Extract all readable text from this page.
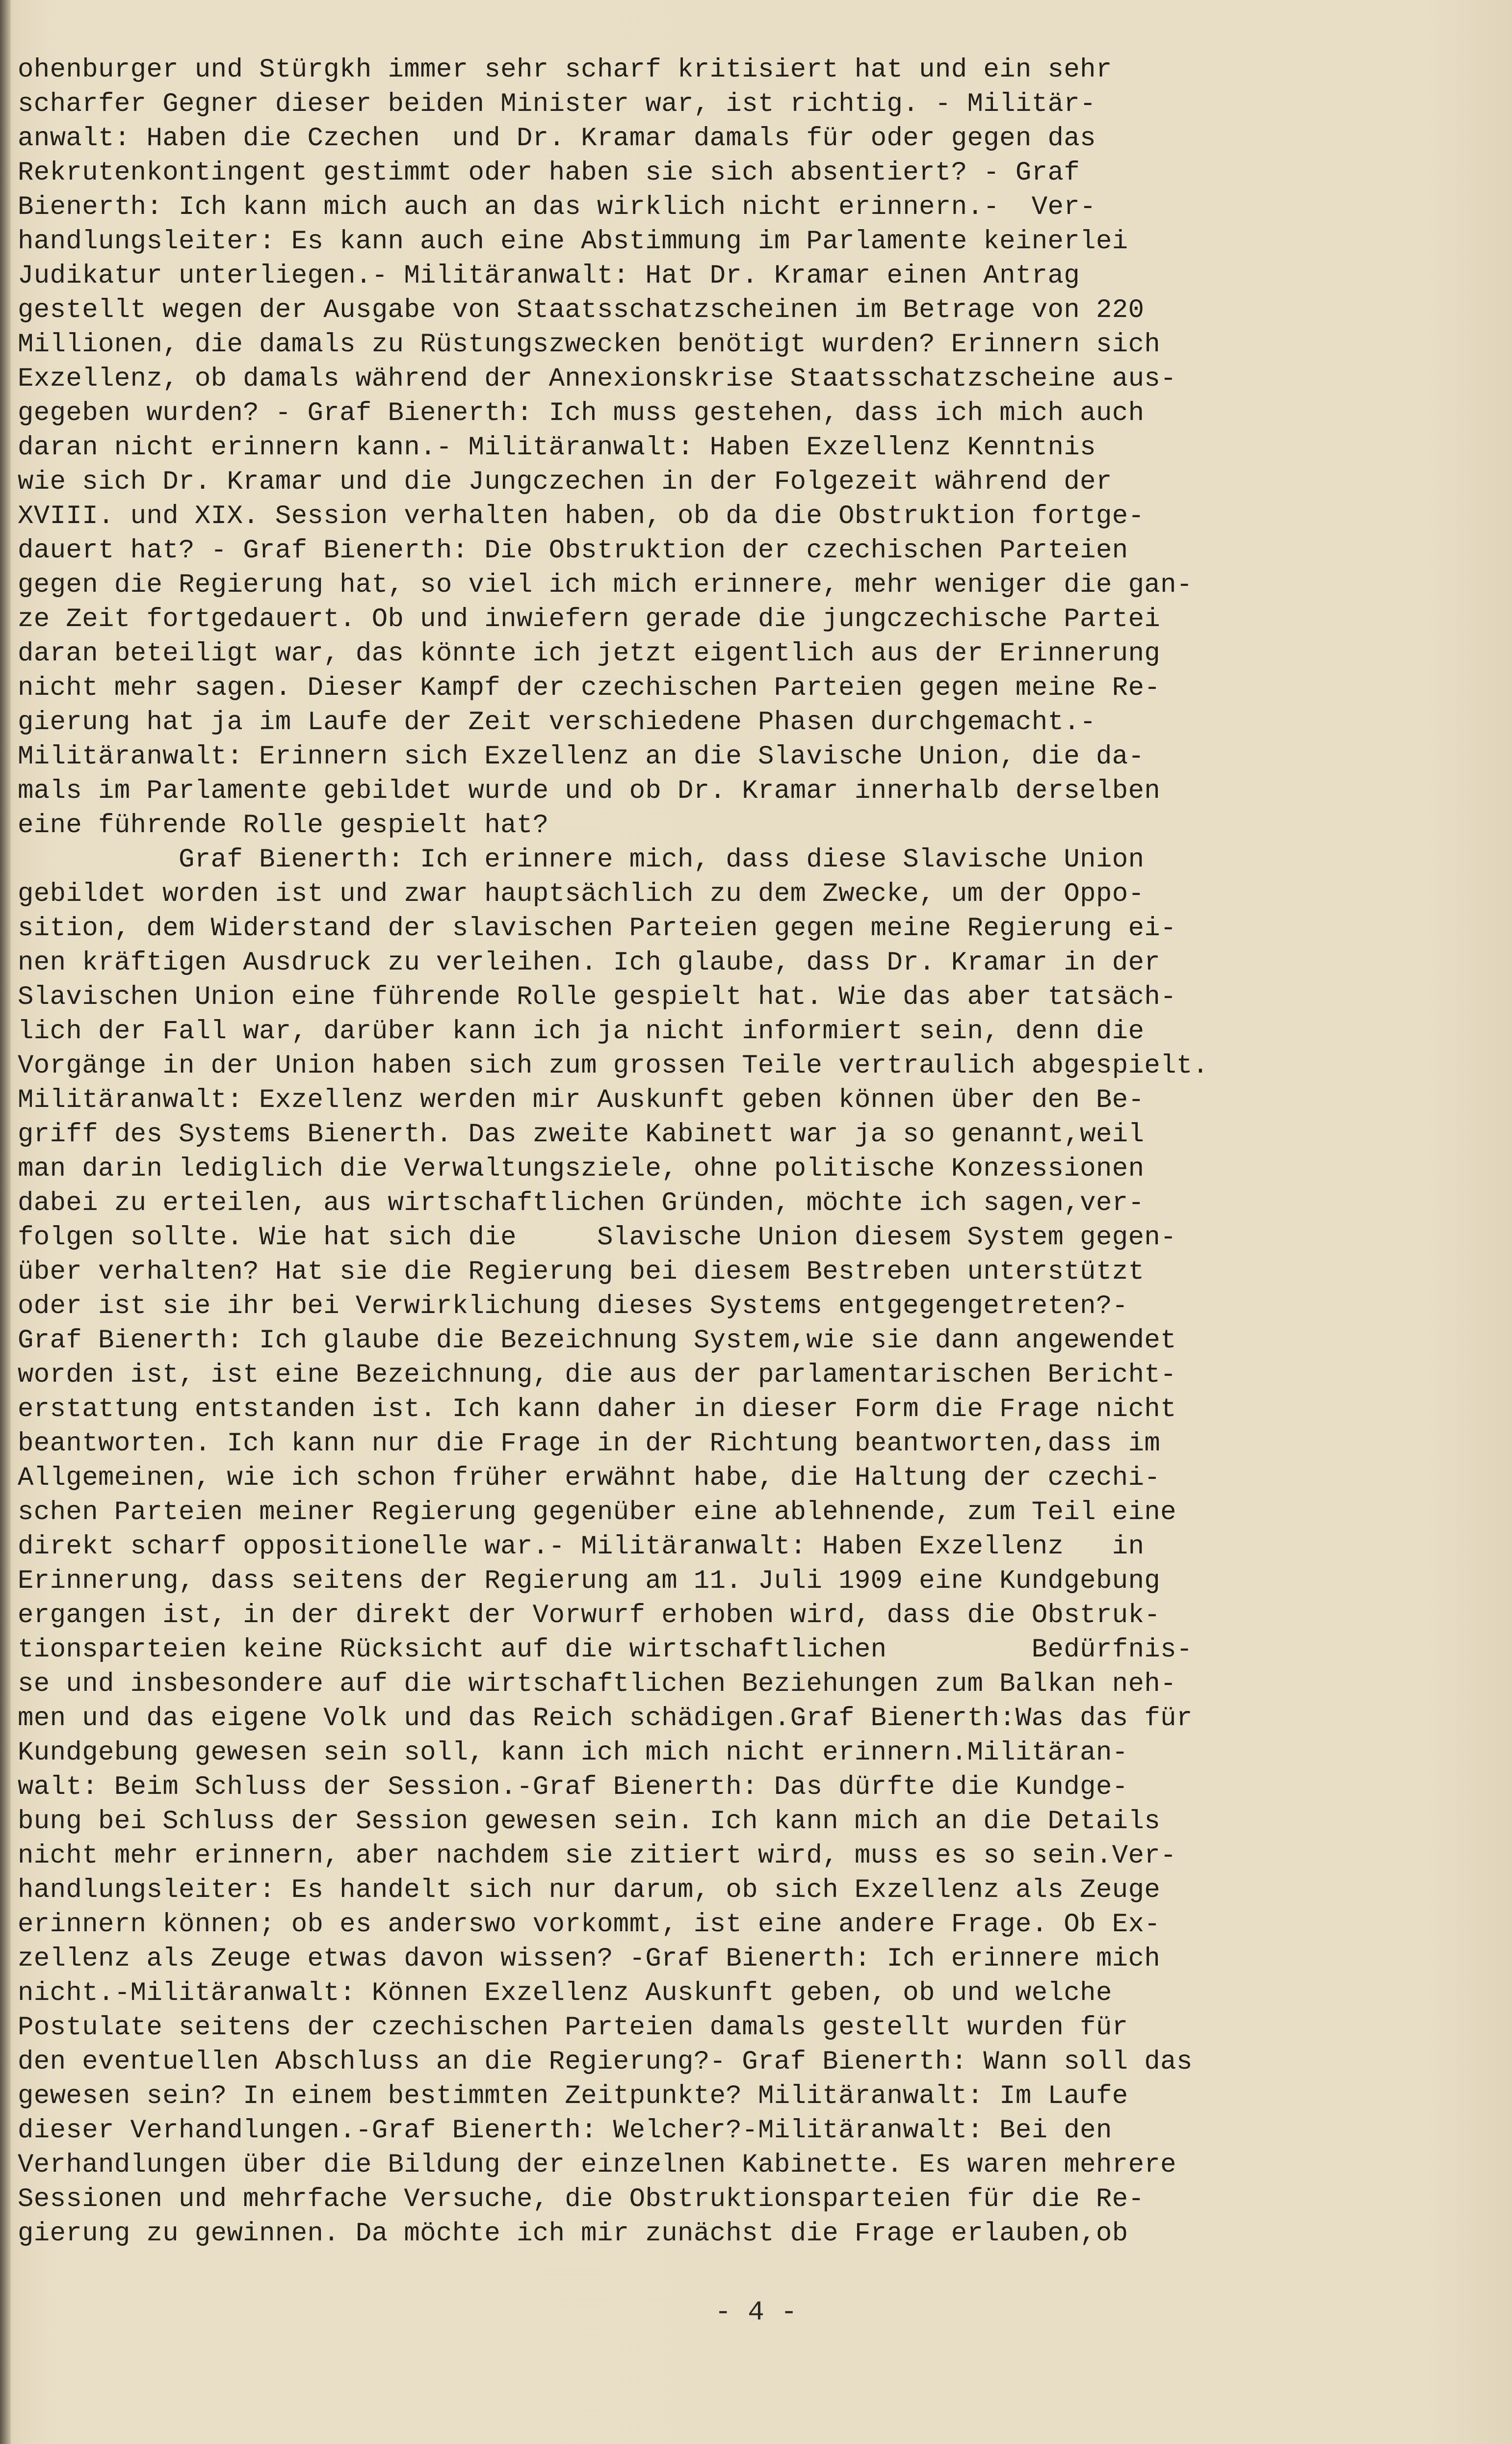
ohenburger und Stürgkh immer sehr scharf kritisiert hat und ein sehr
scharfer Gegner dieser beiden Minister war, ist richtig. - Militär-
anwalt: Haben die Czechen  und Dr. Kramar damals für oder gegen das
Rekrutenkontingent gestimmt oder haben sie sich absentiert? - Graf
Bienerth: Ich kann mich auch an das wirklich nicht erinnern.-  Ver-
handlungsleiter: Es kann auch eine Abstimmung im Parlamente keinerlei
Judikatur unterliegen.- Militäranwalt: Hat Dr. Kramar einen Antrag
gestellt wegen der Ausgabe von Staatsschatzscheinen im Betrage von 220
Millionen, die damals zu Rüstungszwecken benötigt wurden? Erinnern sich
Exzellenz, ob damals während der Annexionskrise Staatsschatzscheine aus-
gegeben wurden? - Graf Bienerth: Ich muss gestehen, dass ich mich auch
daran nicht erinnern kann.- Militäranwalt: Haben Exzellenz Kenntnis
wie sich Dr. Kramar und die Jungczechen in der Folgezeit während der
XVIII. und XIX. Session verhalten haben, ob da die Obstruktion fortge-
dauert hat? - Graf Bienerth: Die Obstruktion der czechischen Parteien
gegen die Regierung hat, so viel ich mich erinnere, mehr weniger die gan-
ze Zeit fortgedauert. Ob und inwiefern gerade die jungczechische Partei
daran beteiligt war, das könnte ich jetzt eigentlich aus der Erinnerung
nicht mehr sagen. Dieser Kampf der czechischen Parteien gegen meine Re-
gierung hat ja im Laufe der Zeit verschiedene Phasen durchgemacht.-
Militäranwalt: Erinnern sich Exzellenz an die Slavische Union, die da-
mals im Parlamente gebildet wurde und ob Dr. Kramar innerhalb derselben
eine führende Rolle gespielt hat?
Graf Bienerth: Ich erinnere mich, dass diese Slavische Union
gebildet worden ist und zwar hauptsächlich zu dem Zwecke, um der Oppo-
sition, dem Widerstand der slavischen Parteien gegen meine Regierung ei-
nen kräftigen Ausdruck zu verleihen. Ich glaube, dass Dr. Kramar in der
Slavischen Union eine führende Rolle gespielt hat. Wie das aber tatsäch-
lich der Fall war, darüber kann ich ja nicht informiert sein, denn die
Vorgänge in der Union haben sich zum grossen Teile vertraulich abgespielt.
Militäranwalt: Exzellenz werden mir Auskunft geben können über den Be-
griff des Systems Bienerth. Das zweite Kabinett war ja so genannt,weil
man darin lediglich die Verwaltungsziele, ohne politische Konzessionen
dabei zu erteilen, aus wirtschaftlichen Gründen, möchte ich sagen,ver-
folgen sollte. Wie hat sich die     Slavische Union diesem System gegen-
über verhalten? Hat sie die Regierung bei diesem Bestreben unterstützt
oder ist sie ihr bei Verwirklichung dieses Systems entgegengetreten?-
Graf Bienerth: Ich glaube die Bezeichnung System,wie sie dann angewendet
worden ist, ist eine Bezeichnung, die aus der parlamentarischen Bericht-
erstattung entstanden ist. Ich kann daher in dieser Form die Frage nicht
beantworten. Ich kann nur die Frage in der Richtung beantworten,dass im
Allgemeinen, wie ich schon früher erwähnt habe, die Haltung der czechi-
schen Parteien meiner Regierung gegenüber eine ablehnende, zum Teil eine
direkt scharf oppositionelle war.- Militäranwalt: Haben Exzellenz   in
Erinnerung, dass seitens der Regierung am 11. Juli 1909 eine Kundgebung
ergangen ist, in der direkt der Vorwurf erhoben wird, dass die Obstruk-
tionsparteien keine Rücksicht auf die wirtschaftlichen         Bedürfnis-
se und insbesondere auf die wirtschaftlichen Beziehungen zum Balkan neh-
men und das eigene Volk und das Reich schädigen.Graf Bienerth:Was das für
Kundgebung gewesen sein soll, kann ich mich nicht erinnern.Militäran-
walt: Beim Schluss der Session.-Graf Bienerth: Das dürfte die Kundge-
bung bei Schluss der Session gewesen sein. Ich kann mich an die Details
nicht mehr erinnern, aber nachdem sie zitiert wird, muss es so sein.Ver-
handlungsleiter: Es handelt sich nur darum, ob sich Exzellenz als Zeuge
erinnern können; ob es anderswo vorkommt, ist eine andere Frage. Ob Ex-
zellenz als Zeuge etwas davon wissen? -Graf Bienerth: Ich erinnere mich
nicht.-Militäranwalt: Können Exzellenz Auskunft geben, ob und welche
Postulate seitens der czechischen Parteien damals gestellt wurden für
den eventuellen Abschluss an die Regierung?- Graf Bienerth: Wann soll das
gewesen sein? In einem bestimmten Zeitpunkte? Militäranwalt: Im Laufe
dieser Verhandlungen.-Graf Bienerth: Welcher?-Militäranwalt: Bei den
Verhandlungen über die Bildung der einzelnen Kabinette. Es waren mehrere
Sessionen und mehrfache Versuche, die Obstruktionsparteien für die Re-
gierung zu gewinnen. Da möchte ich mir zunächst die Frage erlauben,ob
- 4 -
